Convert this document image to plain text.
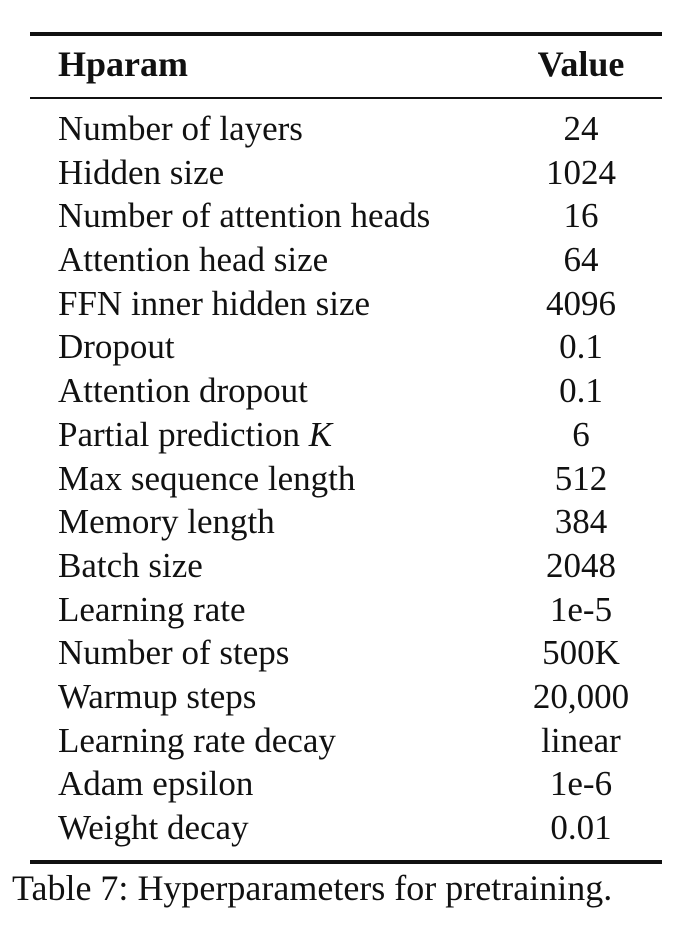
Hparam	Value
Number of layers	24
Hidden size	1024
Number of attention heads	16
Attention head size	64
FFN inner hidden size	4096
Dropout	0.1
Attention dropout	0.1
Partial prediction K	6
Max sequence length	512
Memory length	384
Batch size	2048
Learning rate	1e-5
Number of steps	500K
Warmup steps	20,000
Learning rate decay	linear
Adam epsilon	1e-6
Weight decay	0.01
Table 7: Hyperparameters for pretraining.
